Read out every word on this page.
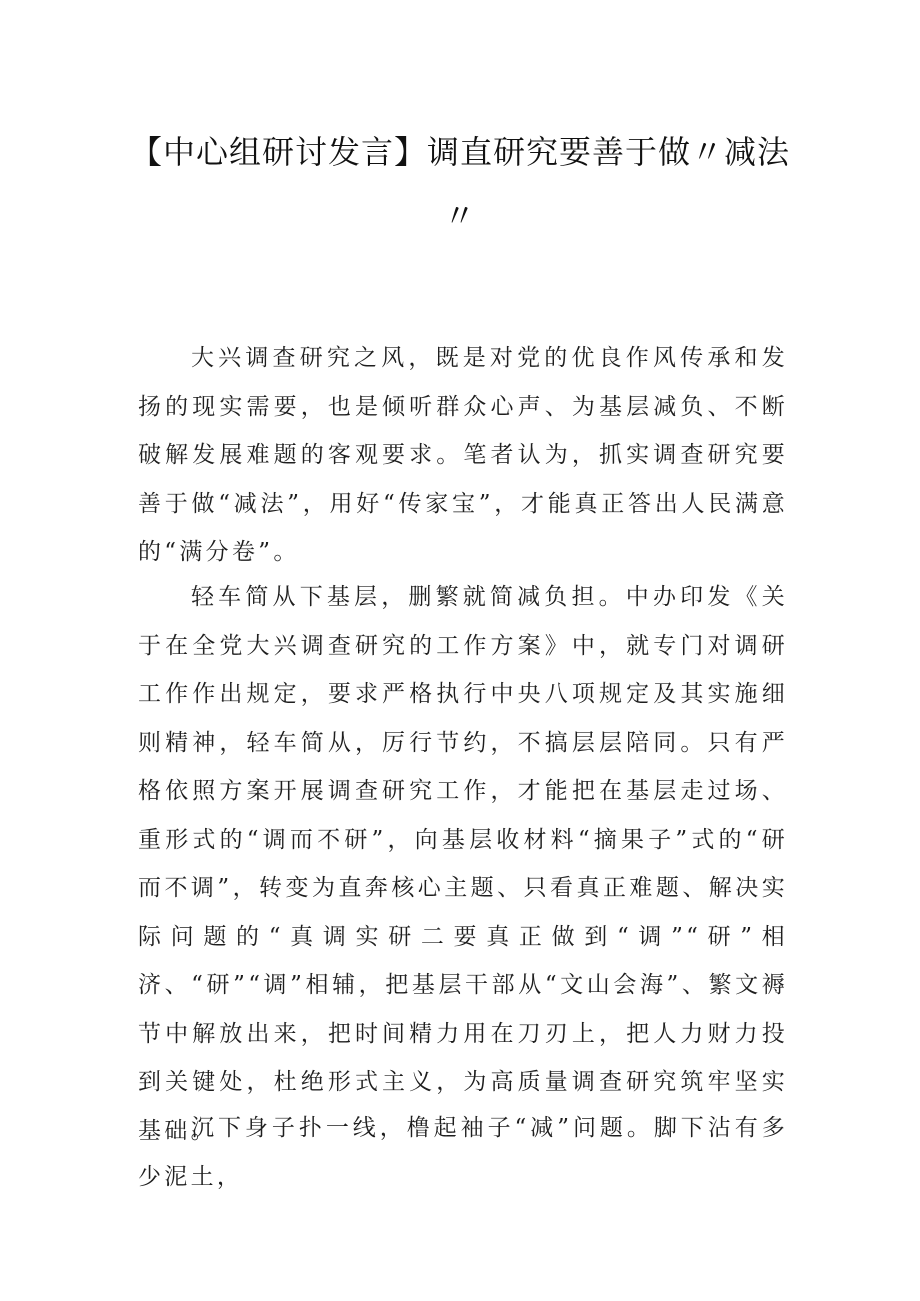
【中心组研讨发言】调直研究要善于做〃减法〃

大兴调查研究之风，既是对党的优良作风传承和发扬的现实需要，也是倾听群众心声、为基层减负、不断破解发展难题的客观要求。笔者认为，抓实调查研究要善于做“减法”，用好“传家宝”，才能真正答出人民满意的“满分卷”。

轻车简从下基层，删繁就简减负担。中办印发《关于在全党大兴调查研究的工作方案》中，就专门对调研工作作出规定，要求严格执行中央八项规定及其实施细则精神，轻车简从，厉行节约，不搞层层陪同。只有严格依照方案开展调查研究工作，才能把在基层走过场、重形式的“调而不研”，向基层收材料“摘果子”式的“研而不调”，转变为直奔核心主题、只看真正难题、解决实际问题的“真调实研二要真正做到“调”“研”相济、“研”“调”相辅，把基层干部从“文山会海”、繁文褥节中解放出来，把时间精力用在刀刃上，把人力财力投到关键处，杜绝形式主义，为高质量调查研究筑牢坚实基础。

沉下身子扑一线，橹起袖子“减”问题。脚下沾有多少泥土，
